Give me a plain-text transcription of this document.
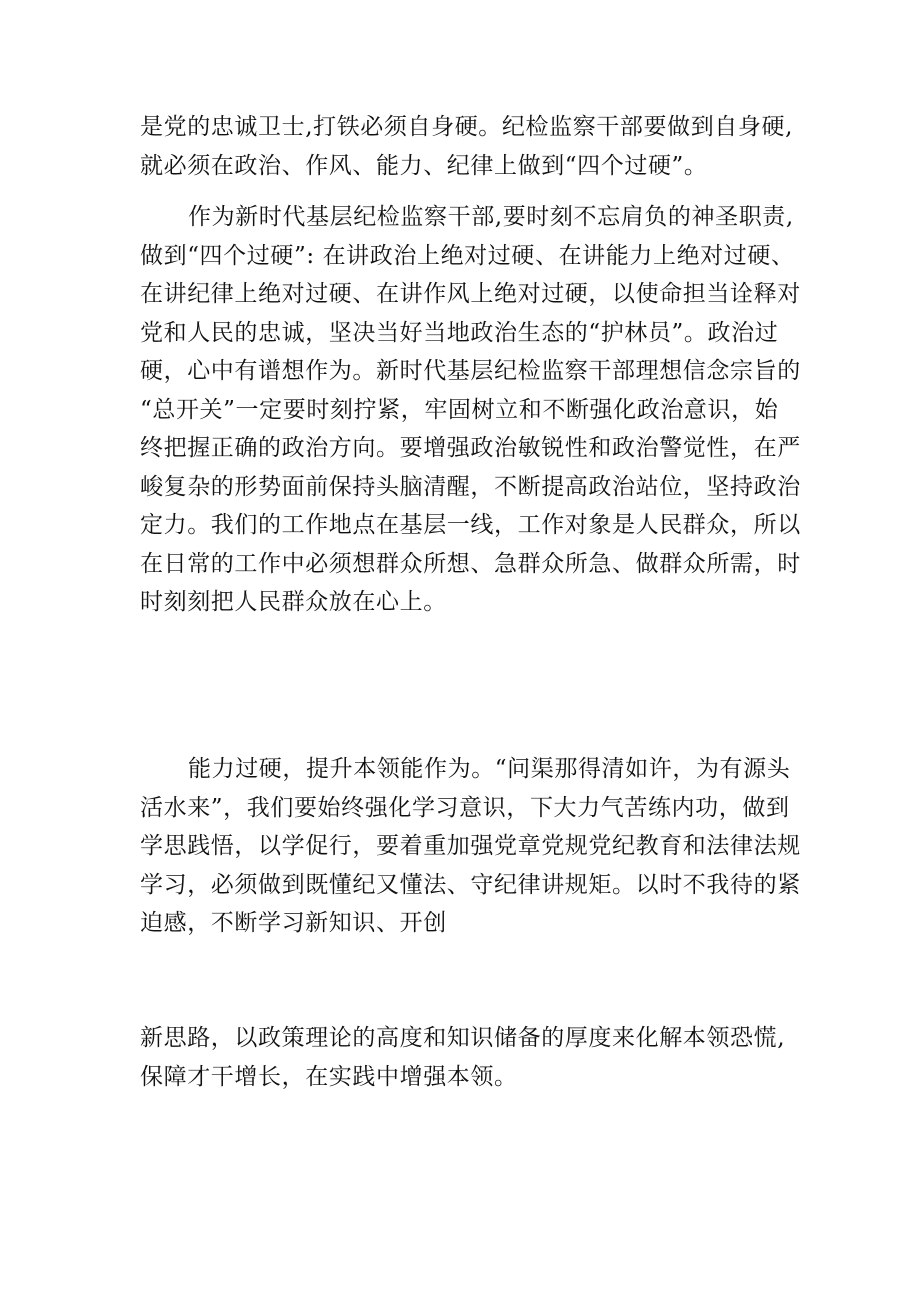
是党的忠诚卫士,打铁必须自身硬。纪检监察干部要做到自身硬,
就必须在政治、作风、能力、纪律上做到“四个过硬”。
作为新时代基层纪检监察干部,要时刻不忘肩负的神圣职责,
做到“四个过硬”: 在讲政治上绝对过硬、在讲能力上绝对过硬、
在讲纪律上绝对过硬、在讲作风上绝对过硬，以使命担当诠释对
党和人民的忠诚，坚决当好当地政治生态的“护林员”。政治过
硬，心中有谱想作为。新时代基层纪检监察干部理想信念宗旨的
“总开关”一定要时刻拧紧，牢固树立和不断强化政治意识，始
终把握正确的政治方向。要增强政治敏锐性和政治警觉性，在严
峻复杂的形势面前保持头脑清醒，不断提高政治站位，坚持政治
定力。我们的工作地点在基层一线，工作对象是人民群众，所以
在日常的工作中必须想群众所想、急群众所急、做群众所需，时
时刻刻把人民群众放在心上。
能力过硬，提升本领能作为。“问渠那得清如许，为有源头
活水来”，我们要始终强化学习意识，下大力气苦练内功，做到
学思践悟，以学促行，要着重加强党章党规党纪教育和法律法规
学习，必须做到既懂纪又懂法、守纪律讲规矩。以时不我待的紧
迫感，不断学习新知识、开创
新思路，以政策理论的高度和知识储备的厚度来化解本领恐慌,
保障才干增长，在实践中增强本领。
